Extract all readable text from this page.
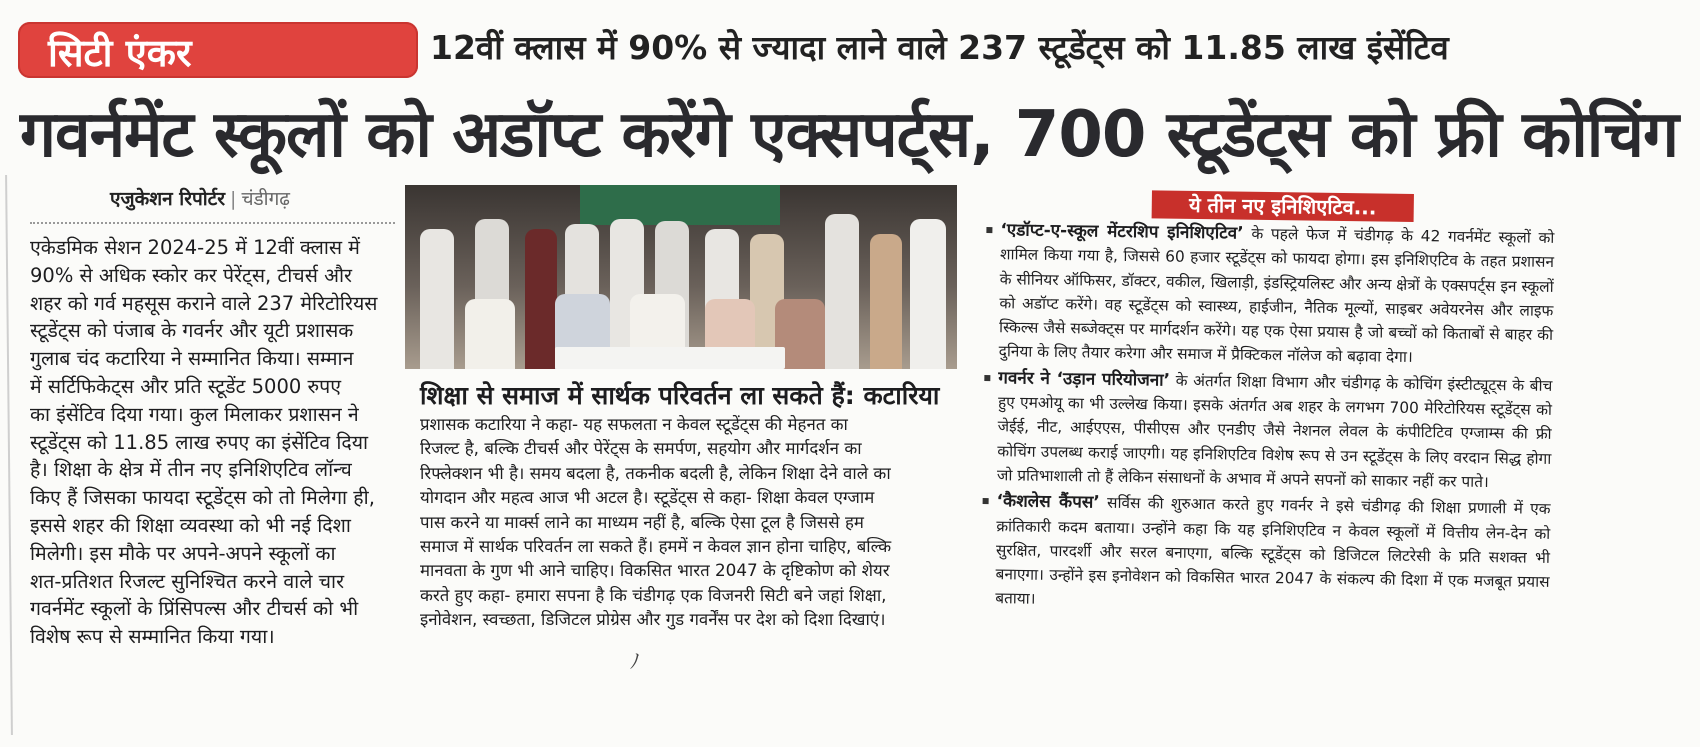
सिटी एंकर	12वीं क्लास में 90% से ज्यादा लाने वाले 237 स्टूडेंट्स को 11.85 लाख इंसेंटिव
गवर्नमेंट स्कूलों को अडॉप्ट करेंगे एक्सपर्ट्स, 700 स्टूडेंट्स को फ्री कोचिंग
एजुकेशन रिपोर्टर | चंडीगढ़
एकेडमिक सेशन 2024-25 में 12वीं क्लास में
90% से अधिक स्कोर कर पेरेंट्स, टीचर्स और
शहर को गर्व महसूस कराने वाले 237 मेरिटोरियस
स्टूडेंट्स को पंजाब के गवर्नर और यूटी प्रशासक
गुलाब चंद कटारिया ने सम्मानित किया। सम्मान
में सर्टिफिकेट्स और प्रति स्टूडेंट 5000 रुपए
का इंसेंटिव दिया गया। कुल मिलाकर प्रशासन ने
स्टूडेंट्स को 11.85 लाख रुपए का इंसेंटिव दिया
है। शिक्षा के क्षेत्र में तीन नए इनिशिएटिव लॉन्च
किए हैं जिसका फायदा स्टूडेंट्स को तो मिलेगा ही,
इससे शहर की शिक्षा व्यवस्था को भी नई दिशा
मिलेगी। इस मौके पर अपने-अपने स्कूलों का
शत-प्रतिशत रिजल्ट सुनिश्चित करने वाले चार
गवर्नमेंट स्कूलों के प्रिंसिपल्स और टीचर्स को भी
विशेष रूप से सम्मानित किया गया।
शिक्षा से समाज में सार्थक परिवर्तन ला सकते हैं: कटारिया
प्रशासक कटारिया ने कहा- यह सफलता न केवल स्टूडेंट्स की मेहनत का
रिजल्ट है, बल्कि टीचर्स और पेरेंट्स के समर्पण, सहयोग और मार्गदर्शन का
रिफ्लेक्शन भी है। समय बदला है, तकनीक बदली है, लेकिन शिक्षा देने वाले का
योगदान और महत्व आज भी अटल है। स्टूडेंट्स से कहा- शिक्षा केवल एग्जाम
पास करने या मार्क्स लाने का माध्यम नहीं है, बल्कि ऐसा टूल है जिससे हम
समाज में सार्थक परिवर्तन ला सकते हैं। हममें न केवल ज्ञान होना चाहिए, बल्कि
मानवता के गुण भी आने चाहिए। विकसित भारत 2047 के दृष्टिकोण को शेयर
करते हुए कहा- हमारा सपना है कि चंडीगढ़ एक विजनरी सिटी बने जहां शिक्षा,
इनोवेशन, स्वच्छता, डिजिटल प्रोग्रेस और गुड गवर्नेंस पर देश को दिशा दिखाएं।
ﾉ
ये तीन नए इनिशिएटिव...
‘एडॉप्ट-ए-स्कूल मेंटरशिप इनिशिएटिव’ के पहले फेज में चंडीगढ़ के 42 गवर्नमेंट स्कूलों को शामिल किया गया है, जिससे 60 हजार स्टूडेंट्स को फायदा होगा। इस इनिशिएटिव के तहत प्रशासन के सीनियर ऑफिसर, डॉक्टर, वकील, खिलाड़ी, इंडस्ट्रियलिस्ट और अन्य क्षेत्रों के एक्सपर्ट्स इन स्कूलों को अडॉप्ट करेंगे। वह स्टूडेंट्स को स्वास्थ्य, हाईजीन, नैतिक मूल्यों, साइबर अवेयरनेस और लाइफ स्किल्स जैसे सब्जेक्ट्स पर मार्गदर्शन करेंगे। यह एक ऐसा प्रयास है जो बच्चों को किताबों से बाहर की दुनिया के लिए तैयार करेगा और समाज में प्रैक्टिकल नॉलेज को बढ़ावा देगा।
गवर्नर ने ‘उड़ान परियोजना’ के अंतर्गत शिक्षा विभाग और चंडीगढ़ के कोचिंग इंस्टीट्यूट्स के बीच हुए एमओयू का भी उल्लेख किया। इसके अंतर्गत अब शहर के लगभग 700 मेरिटोरियस स्टूडेंट्स को जेईई, नीट, आईएएस, पीसीएस और एनडीए जैसे नेशनल लेवल के कंपीटिटिव एग्जाम्स की फ्री कोचिंग उपलब्ध कराई जाएगी। यह इनिशिएटिव विशेष रूप से उन स्टूडेंट्स के लिए वरदान सिद्ध होगा जो प्रतिभाशाली तो हैं लेकिन संसाधनों के अभाव में अपने सपनों को साकार नहीं कर पाते।
‘कैशलेस कैंपस’ सर्विस की शुरुआत करते हुए गवर्नर ने इसे चंडीगढ़ की शिक्षा प्रणाली में एक क्रांतिकारी कदम बताया। उन्होंने कहा कि यह इनिशिएटिव न केवल स्कूलों में वित्तीय लेन-देन को सुरक्षित, पारदर्शी और सरल बनाएगा, बल्कि स्टूडेंट्स को डिजिटल लिटरेसी के प्रति सशक्त भी बनाएगा। उन्होंने इस इनोवेशन को विकसित भारत 2047 के संकल्प की दिशा में एक मजबूत प्रयास बताया।
